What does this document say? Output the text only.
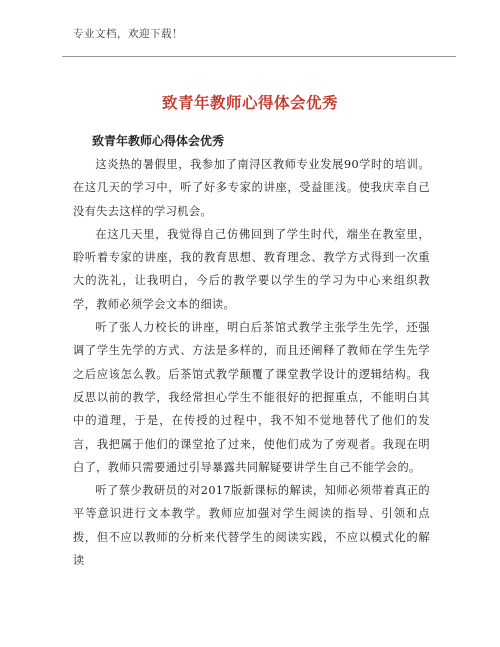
专业文档，欢迎下载！
致青年教师心得体会优秀
致青年教师心得体会优秀

这炎热的暑假里，我参加了南浔区教师专业发展90学时的培训。在这几天的学习中，听了好多专家的讲座，受益匪浅。使我庆幸自己没有失去这样的学习机会。

在这几天里，我觉得自己仿佛回到了学生时代，端坐在教室里，聆听着专家的讲座，我的教育思想、教育理念、教学方式得到一次重大的洗礼，让我明白，今后的教学要以学生的学习为中心来组织教学，教师必须学会文本的细读。

听了张人力校长的讲座，明白后茶馆式教学主张学生先学，还强调了学生先学的方式、方法是多样的，而且还阐释了教师在学生先学之后应该怎么教。后茶馆式教学颠覆了课堂教学设计的逻辑结构。我反思以前的教学，我经常担心学生不能很好的把握重点，不能明白其中的道理，于是，在传授的过程中，我不知不觉地替代了他们的发言，我把属于他们的课堂抢了过来，使他们成为了旁观者。我现在明白了，教师只需要通过引导暴露共同解疑要讲学生自己不能学会的。

听了蔡少教研员的对2017版新课标的解读，知师必须带着真正的平等意识进行文本教学。教师应加强对学生阅读的指导、引领和点拨，但不应以教师的分析来代替学生的阅读实践，不应以模式化的解读
